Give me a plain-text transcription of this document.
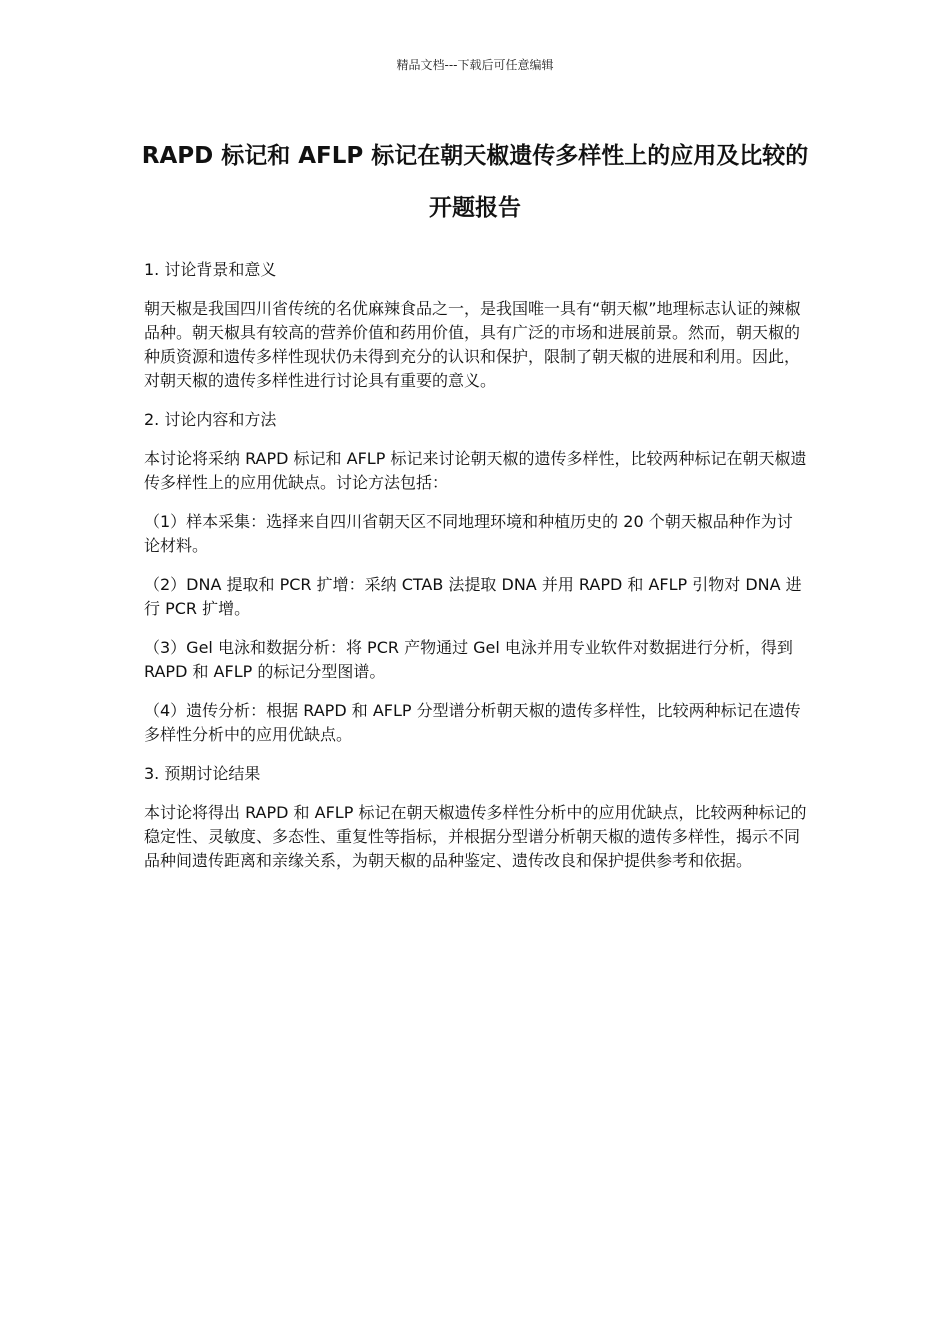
精品文档---下载后可任意编辑
RAPD 标记和 AFLP 标记在朝天椒遗传多样性上的应用及比较的开题报告

1. 讨论背景和意义

朝天椒是我国四川省传统的名优麻辣食品之一，是我国唯一具有“朝天椒”地理标志认证的辣椒品种。朝天椒具有较高的营养价值和药用价值，具有广泛的市场和进展前景。然而，朝天椒的种质资源和遗传多样性现状仍未得到充分的认识和保护，限制了朝天椒的进展和利用。因此，对朝天椒的遗传多样性进行讨论具有重要的意义。

2. 讨论内容和方法

本讨论将采纳 RAPD 标记和 AFLP 标记来讨论朝天椒的遗传多样性，比较两种标记在朝天椒遗传多样性上的应用优缺点。讨论方法包括：

（1）样本采集：选择来自四川省朝天区不同地理环境和种植历史的 20 个朝天椒品种作为讨论材料。

（2）DNA 提取和 PCR 扩增：采纳 CTAB 法提取 DNA 并用 RAPD 和 AFLP 引物对 DNA 进行 PCR 扩增。

（3）Gel 电泳和数据分析：将 PCR 产物通过 Gel 电泳并用专业软件对数据进行分析，得到 RAPD 和 AFLP 的标记分型图谱。

（4）遗传分析：根据 RAPD 和 AFLP 分型谱分析朝天椒的遗传多样性，比较两种标记在遗传多样性分析中的应用优缺点。

3. 预期讨论结果

本讨论将得出 RAPD 和 AFLP 标记在朝天椒遗传多样性分析中的应用优缺点，比较两种标记的稳定性、灵敏度、多态性、重复性等指标，并根据分型谱分析朝天椒的遗传多样性，揭示不同品种间遗传距离和亲缘关系，为朝天椒的品种鉴定、遗传改良和保护提供参考和依据。
